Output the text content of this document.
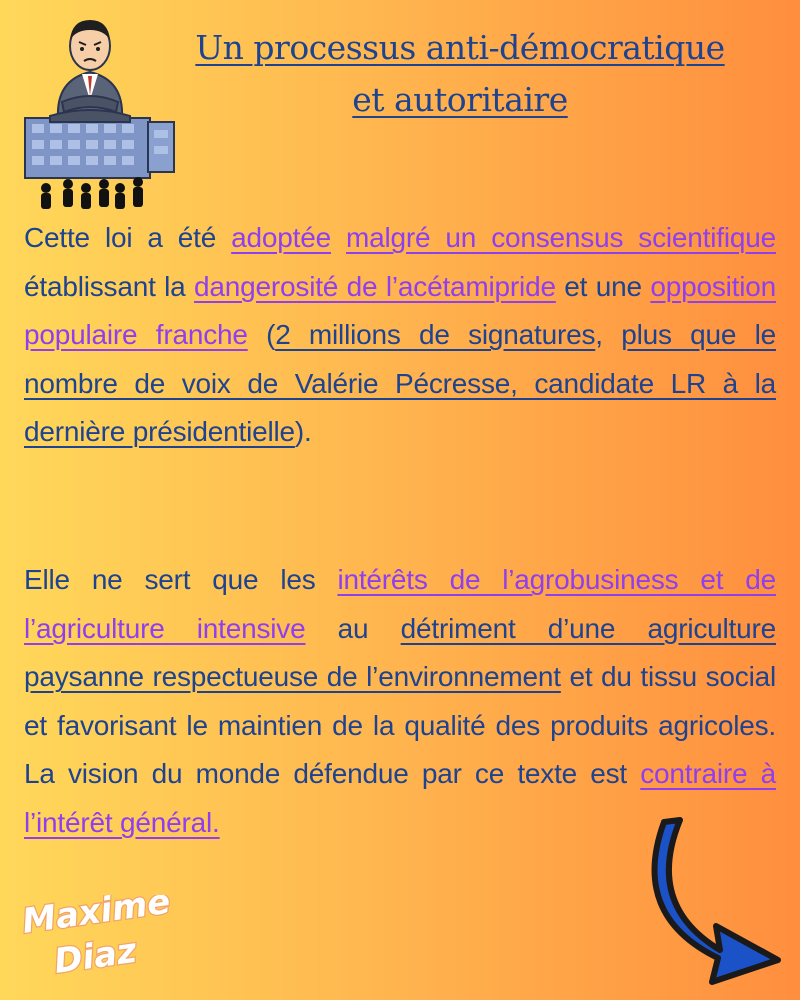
Un processus anti-démocratique
et autoritaire

Cette loi a été adoptée malgré un consensus scientifique établissant la dangerosité de l’acétamipride et une opposition populaire franche (2 millions de signatures, plus que le nombre de voix de Valérie Pécresse, candidate LR à la dernière présidentielle).

Elle ne sert que les intérêts de l’agrobusiness et de l’agriculture intensive au détriment d’une agriculture paysanne respectueuse de l’environnement et du tissu social et favorisant le maintien de la qualité des produits agricoles. La vision du monde défendue par ce texte est contraire à l’intérêt général.

Maxime
Diaz
